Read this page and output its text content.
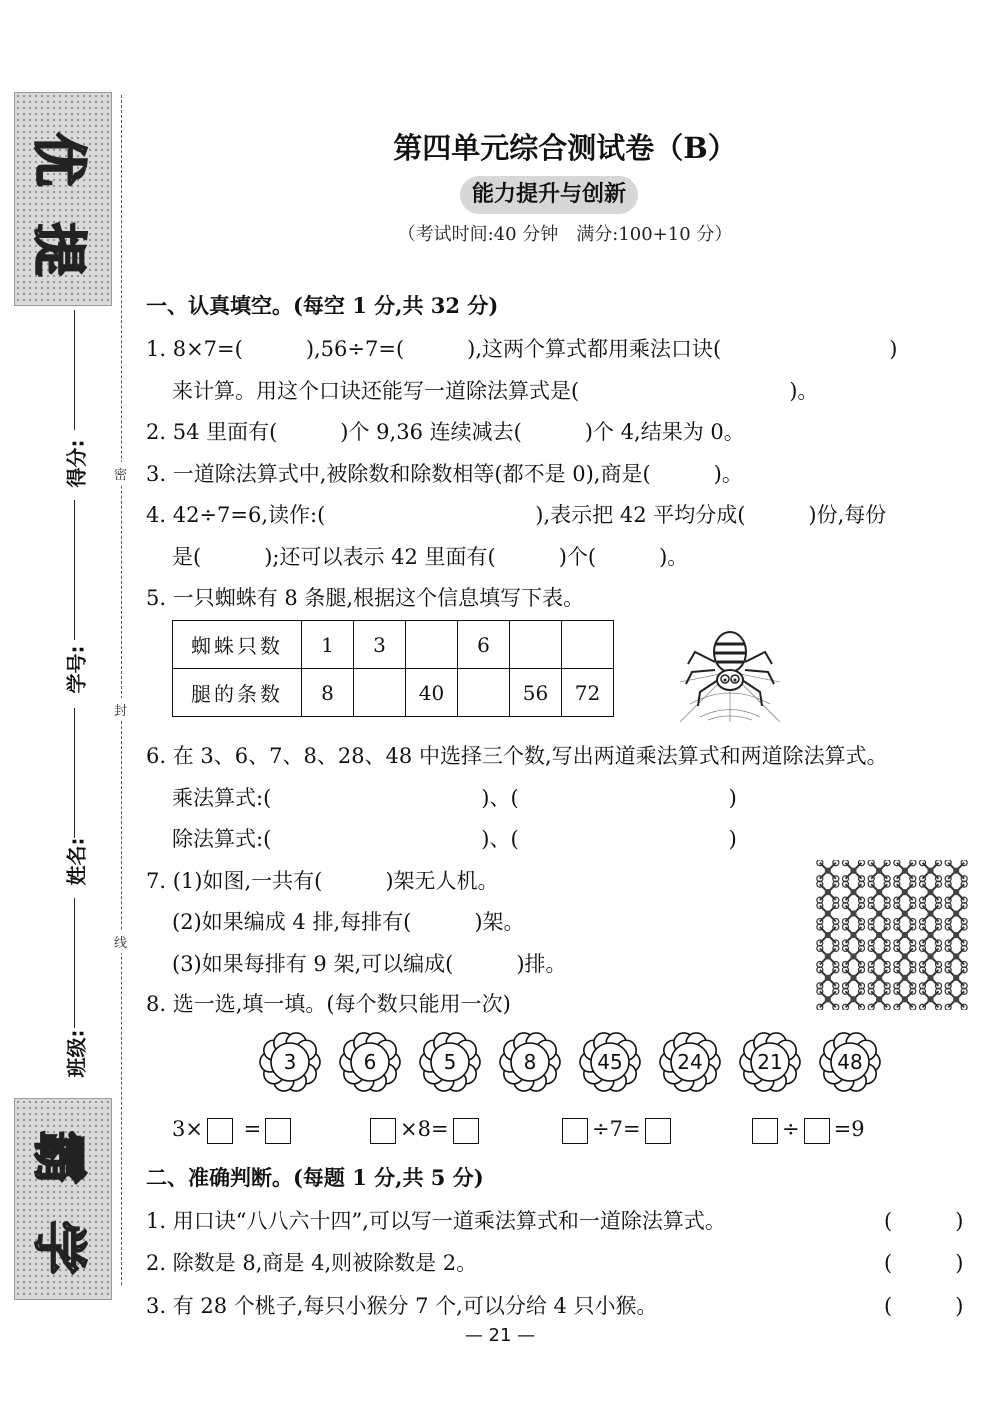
提
优
学
霸
得分:
学号:
姓名:
班级:
密
封
线
第四单元综合测试卷（B）
能力提升与创新
（考试时间:40 分钟　满分:100+10 分）
一、认真填空。(每空 1 分,共 32 分)
1. 8×7=(　　　),56÷7=(　　　),这两个算式都用乘法口诀(　　　　　　　　)
来计算。用这个口诀还能写一道除法算式是(　　　　　　　　　　)。
2. 54 里面有(　　　)个 9,36 连续减去(　　　)个 4,结果为 0。
3. 一道除法算式中,被除数和除数相等(都不是 0),商是(　　　)。
4. 42÷7=6,读作:(　　　　　　　　　　),表示把 42 平均分成(　　　)份,每份
是(　　　);还可以表示 42 里面有(　　　)个(　　　)。
5. 一只蜘蛛有 8 条腿,根据这个信息填写下表。
蜘蛛只数	1	3		6		
腿的条数	8		40		56	72
6. 在 3、6、7、8、28、48 中选择三个数,写出两道乘法算式和两道除法算式。
乘法算式:(　　　　　　　　　　)、(　　　　　　　　　　)
除法算式:(　　　　　　　　　　)、(　　　　　　　　　　)
7. (1)如图,一共有(　　　)架无人机。
(2)如果编成 4 排,每排有(　　　)架。
(3)如果每排有 9 架,可以编成(　　　)排。
8. 选一选,填一填。(每个数只能用一次)
3	6	5	8	45	24	21	48
3× =	×8=	÷7=	÷ =9
二、准确判断。(每题 1 分,共 5 分)
1. 用口诀“八八六十四”,可以写一道乘法算式和一道除法算式。	(　　　)
2. 除数是 8,商是 4,则被除数是 2。	(　　　)
3. 有 28 个桃子,每只小猴分 7 个,可以分给 4 只小猴。	(　　　)
— 21 —
